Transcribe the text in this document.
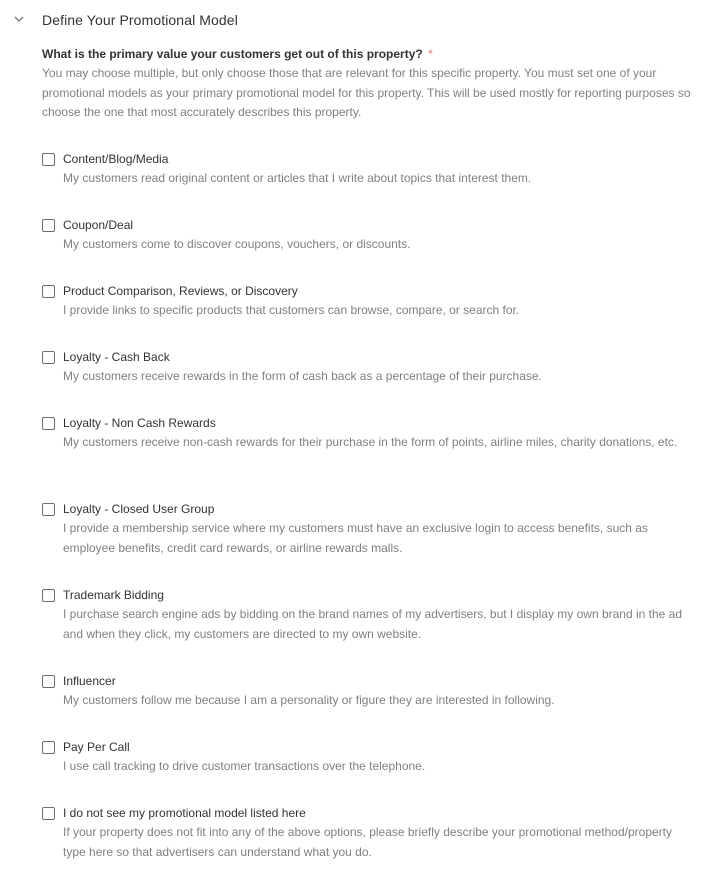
Define Your Promotional Model
What is the primary value your customers get out of this property? *
You may choose multiple, but only choose those that are relevant for this specific property. You must set one of your promotional models as your primary promotional model for this property. This will be used mostly for reporting purposes so choose the one that most accurately describes this property.
Content/Blog/Media
My customers read original content or articles that I write about topics that interest them.
Coupon/Deal
My customers come to discover coupons, vouchers, or discounts.
Product Comparison, Reviews, or Discovery
I provide links to specific products that customers can browse, compare, or search for.
Loyalty - Cash Back
My customers receive rewards in the form of cash back as a percentage of their purchase.
Loyalty - Non Cash Rewards
My customers receive non-cash rewards for their purchase in the form of points, airline miles, charity donations, etc.
Loyalty - Closed User Group
I provide a membership service where my customers must have an exclusive login to access benefits, such as employee benefits, credit card rewards, or airline rewards malls.
Trademark Bidding
I purchase search engine ads by bidding on the brand names of my advertisers, but I display my own brand in the ad and when they click, my customers are directed to my own website.
Influencer
My customers follow me because I am a personality or figure they are interested in following.
Pay Per Call
I use call tracking to drive customer transactions over the telephone.
I do not see my promotional model listed here
If your property does not fit into any of the above options, please briefly describe your promotional method/property type here so that advertisers can understand what you do.
